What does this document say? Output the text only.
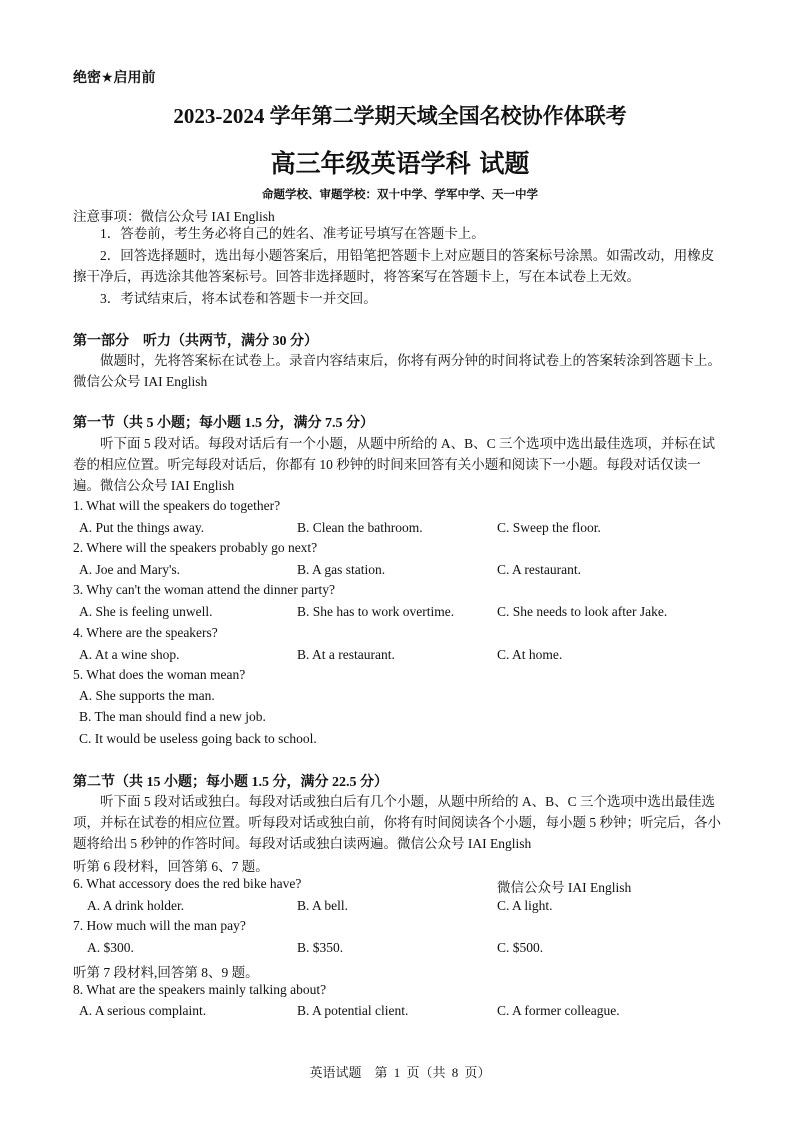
绝密★启用前
2023-2024 学年第二学期天域全国名校协作体联考
高三年级英语学科 试题
命题学校、审题学校：双十中学、学军中学、天一中学
注意事项：微信公众号 IAI English
1．答卷前，考生务必将自己的姓名、准考证号填写在答题卡上。
2．回答选择题时，选出每小题答案后，用铅笔把答题卡上对应题目的答案标号涂黑。如需改动，用橡皮擦干净后，再选涂其他答案标号。回答非选择题时，将答案写在答题卡上，写在本试卷上无效。
3．考试结束后，将本试卷和答题卡一并交回。
第一部分　听力（共两节，满分 30 分）
做题时，先将答案标在试卷上。录音内容结束后，你将有两分钟的时间将试卷上的答案转涂到答题卡上。微信公众号 IAI English
第一节（共 5 小题；每小题 1.5 分，满分 7.5 分）
听下面 5 段对话。每段对话后有一个小题，从题中所给的 A、B、C 三个选项中选出最佳选项，并标在试卷的相应位置。听完每段对话后，你都有 10 秒钟的时间来回答有关小题和阅读下一小题。每段对话仅读一遍。微信公众号 IAI English
1. What will the speakers do together?
A. Put the things away.	B. Clean the bathroom.	C. Sweep the floor.
2. Where will the speakers probably go next?
A. Joe and Mary's.	B. A gas station.	C. A restaurant.
3. Why can't the woman attend the dinner party?
A. She is feeling unwell.	B. She has to work overtime.	C. She needs to look after Jake.
4. Where are the speakers?
A. At a wine shop.	B. At a restaurant.	C. At home.
5. What does the woman mean?
A. She supports the man.
B. The man should find a new job.
C. It would be useless going back to school.
第二节（共 15 小题；每小题 1.5 分，满分 22.5 分）
听下面 5 段对话或独白。每段对话或独白后有几个小题，从题中所给的 A、B、C 三个选项中选出最佳选项，并标在试卷的相应位置。听每段对话或独白前，你将有时间阅读各个小题，每小题 5 秒钟；听完后，各小题将给出 5 秒钟的作答时间。每段对话或独白读两遍。微信公众号 IAI English
听第 6 段材料，回答第 6、7 题。
6. What accessory does the red bike have?	微信公众号 IAI English
A. A drink holder.	B. A bell.	C. A light.
7. How much will the man pay?
A. $300.	B. $350.	C. $500.
听第 7 段材料,回答第 8、9 题。
8. What are the speakers mainly talking about?
A. A serious complaint.	B. A potential client.	C. A former colleague.
英语试题　第 1 页（共 8 页）
